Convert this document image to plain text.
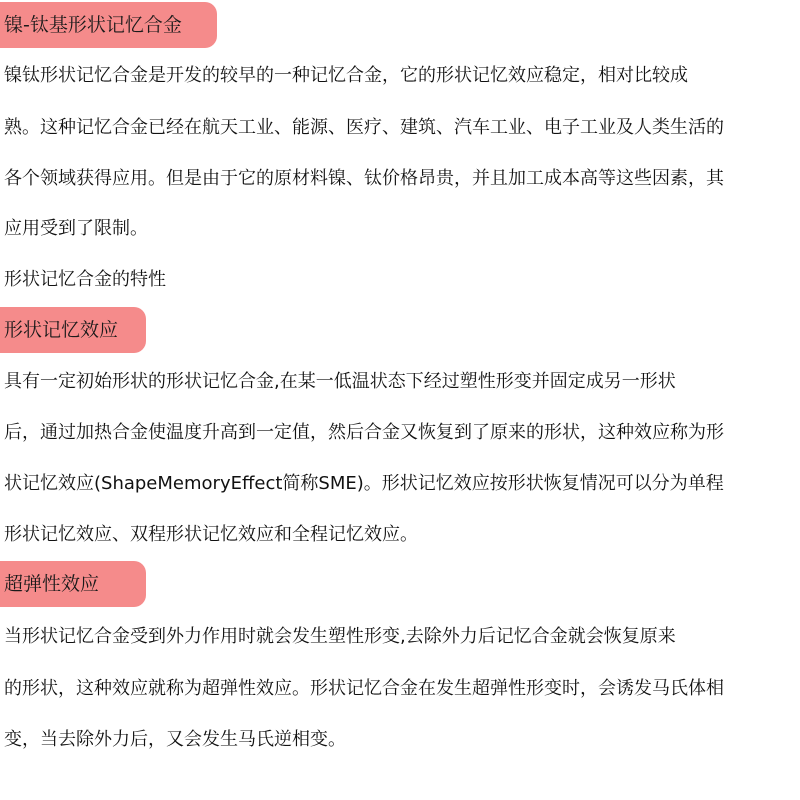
镍-钛基形状记忆合金
镍钛形状记忆合金是开发的较早的一种记忆合金，它的形状记忆效应稳定，相对比较成
熟。这种记忆合金已经在航天工业、能源、医疗、建筑、汽车工业、电子工业及人类生活的
各个领域获得应用。但是由于它的原材料镍、钛价格昂贵，并且加工成本高等这些因素，其
应用受到了限制。
形状记忆合金的特性
形状记忆效应
具有一定初始形状的形状记忆合金,在某一低温状态下经过塑性形变并固定成另一形状
后，通过加热合金使温度升高到一定值，然后合金又恢复到了原来的形状，这种效应称为形
状记忆效应(ShapeMemoryEffect简称SME)。形状记忆效应按形状恢复情况可以分为单程
形状记忆效应、双程形状记忆效应和全程记忆效应。
超弹性效应
当形状记忆合金受到外力作用时就会发生塑性形变,去除外力后记忆合金就会恢复原来
的形状，这种效应就称为超弹性效应。形状记忆合金在发生超弹性形变时，会诱发马氏体相
变，当去除外力后，又会发生马氏逆相变。
